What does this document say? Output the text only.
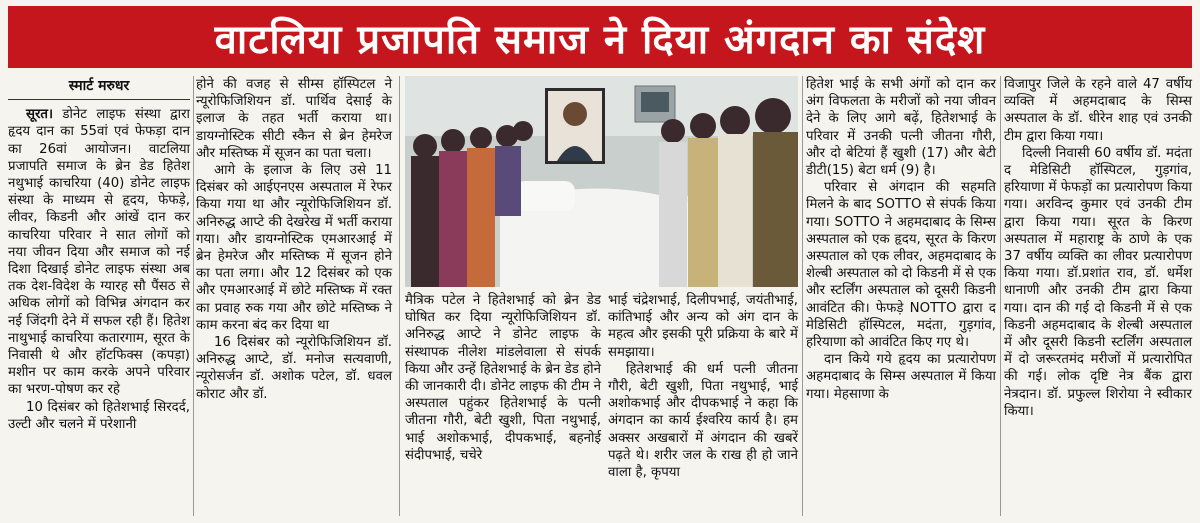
वाटलिया प्रजापति समाज ने दिया अंगदान का संदेश
स्मार्ट मरुधर

सूरत। डोनेट लाइफ संस्था द्वारा हृदय दान का 55वां एवं फेफड़ा दान का 26वां आयोजन। वाटलिया प्रजापति समाज के ब्रेन डेड हितेश नथुभाई काचरिया (40) डोनेट लाइफ संस्था के माध्यम से हृदय, फेफड़े, लीवर, किडनी और आंखें दान कर काचरिया परिवार ने सात लोगों को नया जीवन दिया और समाज को नई दिशा दिखाई डोनेट लाइफ संस्था अब तक देश-विदेश के ग्यारह सौ पैंसठ से अधिक लोगों को विभिन्न अंगदान कर नई जिंदगी देने में सफल रही हैं। हितेश नाथुभाई काचरिया कतारगाम, सूरत के निवासी थे और हॉटफिक्स (कपड़ा) मशीन पर काम करके अपने परिवार का भरण-पोषण कर रहे

10 दिसंबर को हितेशभाई सिरदर्द, उल्टी और चलने में परेशानी

होने की वजह से सीम्स हॉस्पिटल ने न्यूरोफिजिशियन डॉ. पार्थिव देसाई के इलाज के तहत भर्ती कराया था। डायग्नोस्टिक सीटी स्कैन से ब्रेन हेमरेज और मस्तिष्क में सूजन का पता चला।

आगे के इलाज के लिए उसे 11 दिसंबर को आईएनएस अस्पताल में रेफर किया गया था और न्यूरोफिजिशियन डॉ. अनिरुद्ध आप्टे की देखरेख में भर्ती कराया गया। और डायग्नोस्टिक एमआरआई में ब्रेन हेमरेज और मस्तिष्क में सूजन होने का पता लगा। और 12 दिसंबर को एक और एमआरआई में छोटे मस्तिष्क में रक्त का प्रवाह रुक गया और छोटे मस्तिष्क ने काम करना बंद कर दिया था

16 दिसंबर को न्यूरोफिजिशियन डॉ. अनिरुद्ध आप्टे, डॉ. मनोज सत्यवाणी, न्यूरोसर्जन डॉ. अशोक पटेल, डॉ. धवल कोराट और डॉ.

मैत्रिक पटेल ने हितेशभाई को ब्रेन डेड घोषित कर दिया न्यूरोफिजिशियन डॉ. अनिरुद्ध आप्टे ने डोनेट लाइफ के संस्थापक नीलेश मांडलेवाला से संपर्क किया और उन्हें हितेशभाई के ब्रेन डेड होने की जानकारी दी। डोनेट लाइफ की टीम ने अस्पताल पहुंकर हितेशभाई के पत्नी जीतना गौरी, बेटी खुशी, पिता नथुभाई, भाई अशोकभाई, दीपकभाई, बहनोई संदीपभाई, चचेरे

भाई चंद्रेशभाई, दिलीपभाई, जयंतीभाई, कांतिभाई और अन्य को अंग दान के महत्व और इसकी पूरी प्रक्रिया के बारे में समझाया।

हितेशभाई की धर्म पत्नी जीतना गौरी, बेटी खुशी, पिता नथुभाई, भाई अशोकभाई और दीपकभाई ने कहा कि अंगदान का कार्य ईश्वरिय कार्य है। हम अक्सर अखबारों में अंगदान की खबरें पढ़ते थे। शरीर जल के राख ही हो जाने वाला है, कृपया

हितेश भाई के सभी अंगों को दान कर अंग विफलता के मरीजों को नया जीवन देने के लिए आगे बढ़ें, हितेशभाई के परिवार में उनकी पत्नी जीतना गौरी, और दो बेटियां हैं खुशी (17) और बेटी डीटी(15) बेटा धर्म (9) है।

परिवार से अंगदान की सहमति मिलने के बाद SOTTO से संपर्क किया गया। SOTTO ने अहमदाबाद के सिम्स अस्पताल को एक हृदय, सूरत के किरण अस्पताल को एक लीवर, अहमदाबाद के शेल्बी अस्पताल को दो किडनी में से एक और स्टर्लिंग अस्पताल को दूसरी किडनी आवंटित की। फेफड़े NOTTO द्वारा द मेडिसिटी हॉस्पिटल, मदंता, गुड़गांव, हरियाणा को आवंटित किए गए थे।

दान किये गये हृदय का प्रत्यारोपण अहमदाबाद के सिम्स अस्पताल में किया गया। मेहसाणा के

विजापुर जिले के रहने वाले 47 वर्षीय व्यक्ति में अहमदाबाद के सिम्स अस्पताल के डॉ. धीरेन शाह एवं उनकी टीम द्वारा किया गया।

दिल्ली निवासी 60 वर्षीय डॉ. मदंता द मेडिसिटी हॉस्पिटल, गुड़गांव, हरियाणा में फेफड़ों का प्रत्यारोपण किया गया। अरविन्द कुमार एवं उनकी टीम द्वारा किया गया। सूरत के किरण अस्पताल में महाराष्ट्र के ठाणे के एक 37 वर्षीय व्यक्ति का लीवर प्रत्यारोपण किया गया। डॉ.प्रशांत राव, डॉ. धर्मेश धानाणी और उनकी टीम द्वारा किया गया। दान की गई दो किडनी में से एक किडनी अहमदाबाद के शेल्बी अस्पताल में और दूसरी किडनी स्टर्लिंग अस्पताल में दो जरूरतमंद मरीजों में प्रत्यारोपित की गई। लोक दृष्टि नेत्र बैंक द्वारा नेत्रदान। डॉ. प्रफुल्ल शिरोया ने स्वीकार किया।
